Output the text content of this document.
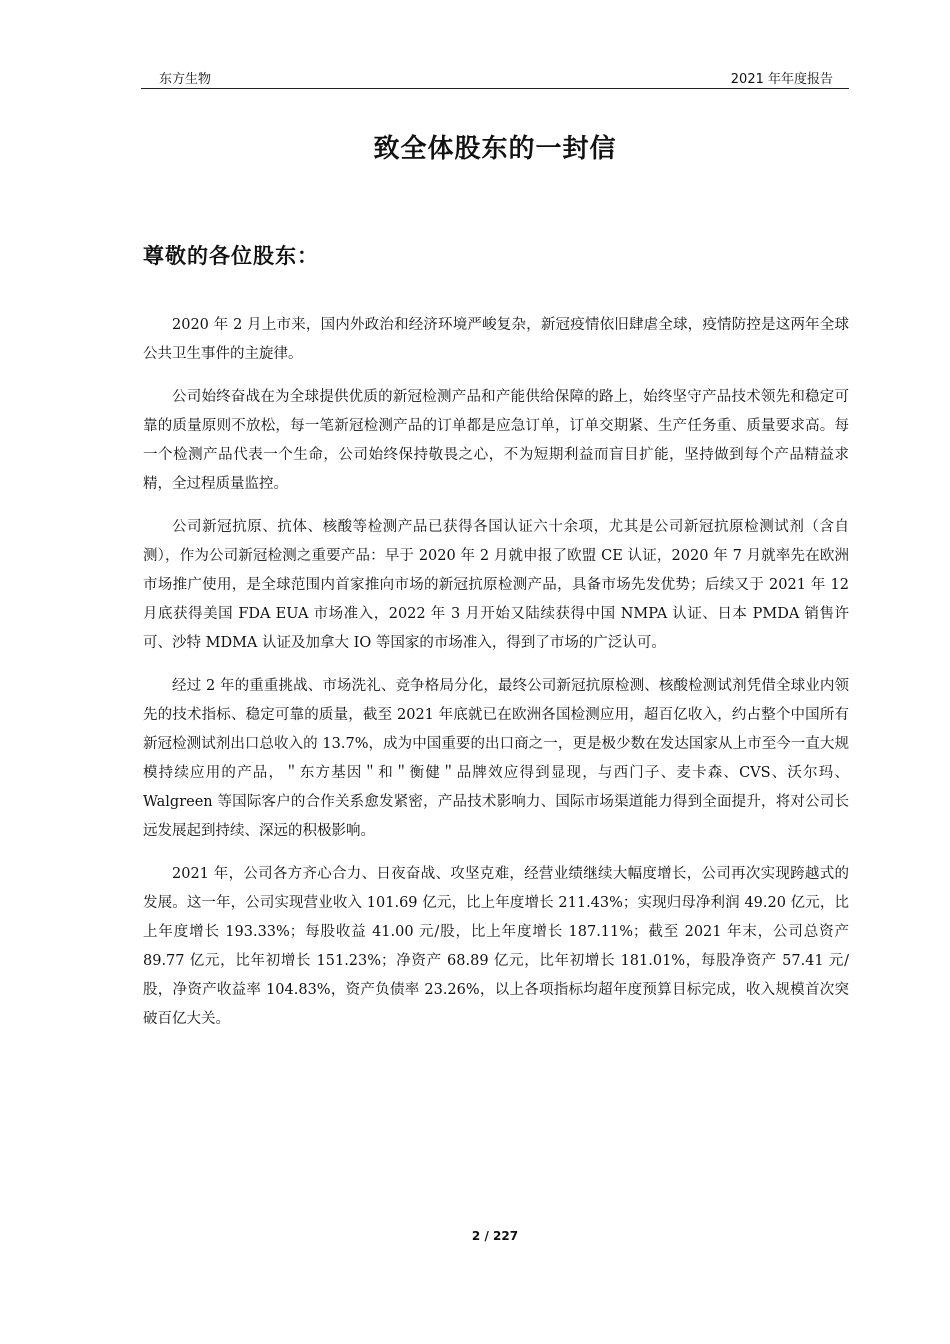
东方生物	2021 年年度报告
致全体股东的一封信
尊敬的各位股东：

2020 年 2 月上市来，国内外政治和经济环境严峻复杂，新冠疫情依旧肆虐全球，疫情防控是这两年全球公共卫生事件的主旋律。

公司始终奋战在为全球提供优质的新冠检测产品和产能供给保障的路上，始终坚守产品技术领先和稳定可靠的质量原则不放松，每一笔新冠检测产品的订单都是应急订单，订单交期紧、生产任务重、质量要求高。每一个检测产品代表一个生命，公司始终保持敬畏之心，不为短期利益而盲目扩能，坚持做到每个产品精益求精，全过程质量监控。

公司新冠抗原、抗体、核酸等检测产品已获得各国认证六十余项，尤其是公司新冠抗原检测试剂（含自测），作为公司新冠检测之重要产品：早于 2020 年 2 月就申报了欧盟 CE 认证，2020 年 7 月就率先在欧洲市场推广使用，是全球范围内首家推向市场的新冠抗原检测产品，具备市场先发优势；后续又于 2021 年 12 月底获得美国 FDA EUA 市场准入，2022 年 3 月开始又陆续获得中国 NMPA 认证、日本 PMDA 销售许可、沙特 MDMA 认证及加拿大 IO 等国家的市场准入，得到了市场的广泛认可。

经过 2 年的重重挑战、市场洗礼、竞争格局分化，最终公司新冠抗原检测、核酸检测试剂凭借全球业内领先的技术指标、稳定可靠的质量，截至 2021 年底就已在欧洲各国检测应用，超百亿收入，约占整个中国所有新冠检测试剂出口总收入的 13.7%，成为中国重要的出口商之一，更是极少数在发达国家从上市至今一直大规模持续应用的产品，＂东方基因＂和＂衡健＂品牌效应得到显现，与西门子、麦卡森、CVS、沃尔玛、Walgreen 等国际客户的合作关系愈发紧密，产品技术影响力、国际市场渠道能力得到全面提升，将对公司长远发展起到持续、深远的积极影响。

2021 年，公司各方齐心合力、日夜奋战、攻坚克难，经营业绩继续大幅度增长，公司再次实现跨越式的发展。这一年，公司实现营业收入 101.69 亿元，比上年度增长 211.43%；实现归母净利润 49.20 亿元，比上年度增长 193.33%；每股收益 41.00 元/股，比上年度增长 187.11%；截至 2021 年末，公司总资产 89.77 亿元，比年初增长 151.23%；净资产 68.89 亿元，比年初增长 181.01%，每股净资产 57.41 元/股，净资产收益率 104.83%，资产负债率 23.26%，以上各项指标均超年度预算目标完成，收入规模首次突破百亿大关。

2 / 227
